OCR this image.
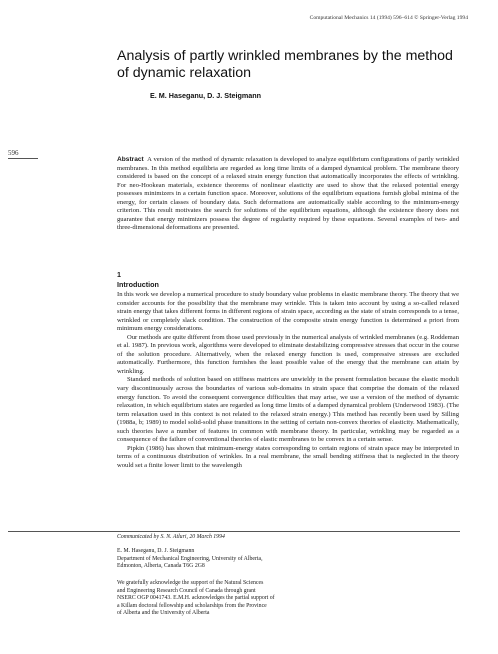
Computational Mechanics 14 (1994) 596–614 © Springer-Verlag 1994
Analysis of partly wrinkled membranes by the method
of dynamic relaxation
E. M. Haseganu, D. J. Steigmann
596
Abstract A version of the method of dynamic relaxation is developed to analyze equilibrium configurations of partly wrinkled membranes. In this method equilibria are regarded as long time limits of a damped dynamical problem. The membrane theory considered is based on the concept of a relaxed strain energy function that automatically incorporates the effects of wrinkling. For neo-Hookean materials, existence theorems of nonlinear elasticity are used to show that the relaxed potential energy possesses minimizers in a certain function space. Moreover, solutions of the equilibrium equations furnish global minima of the energy, for certain classes of boundary data. Such deformations are automatically stable according to the minimum-energy criterion. This result motivates the search for solutions of the equilibrium equations, although the existence theory does not guarantee that energy minimizers possess the degree of regularity required by these equations. Several examples of two- and three-dimensional deformations are presented.
1
Introduction

In this work we develop a numerical procedure to study boundary value problems in elastic membrane theory. The theory that we consider accounts for the possibility that the membrane may wrinkle. This is taken into account by using a so-called relaxed strain energy that takes different forms in different regions of strain space, according as the state of strain corresponds to a tense, wrinkled or completely slack condition. The construction of the composite strain energy function is determined a priori from minimum energy considerations.

Our methods are quite different from those used previously in the numerical analysis of wrinkled membranes (e.g. Roddeman et al. 1987). In previous work, algorithms were developed to eliminate destabilizing compressive stresses that occur in the course of the solution procedure. Alternatively, when the relaxed energy function is used, compressive stresses are excluded automatically. Furthermore, this function furnishes the least possible value of the energy that the membrane can attain by wrinkling.

Standard methods of solution based on stiffness matrices are unwieldy in the present formulation because the elastic moduli vary discontinuously across the boundaries of various sub-domains in strain space that comprise the domain of the relaxed energy function. To avoid the consequent convergence difficulties that may arise, we use a version of the method of dynamic relaxation, in which equilibrium states are regarded as long time limits of a damped dynamical problem (Underwood 1983). (The term relaxation used in this context is not related to the relaxed strain energy.) This method has recently been used by Silling (1988a, b; 1989) to model solid-solid phase transitions in the setting of certain non-convex theories of elasticity. Mathematically, such theories have a number of features in common with membrane theory. In particular, wrinkling may be regarded as a consequence of the failure of conventional theories of elastic membranes to be convex in a certain sense.

Pipkin (1986) has shown that minimum-energy states corresponding to certain regions of strain space may be interpreted in terms of a continuous distribution of wrinkles. In a real membrane, the small bending stiffness that is neglected in the theory would set a finite lower limit to the wavelength

Communicated by S. N. Atluri, 20 March 1994
E. M. Haseganu, D. J. Steigmann
Department of Mechanical Engineering, University of Alberta,
Edmonton, Alberta, Canada T6G 2G8
We gratefully acknowledge the support of the Natural Sciences
and Engineering Research Council of Canada through grant
NSERC OGP 0041743. E.M.H. acknowledges the partial support of
a Killam doctoral fellowship and scholarships from the Province
of Alberta and the University of Alberta
